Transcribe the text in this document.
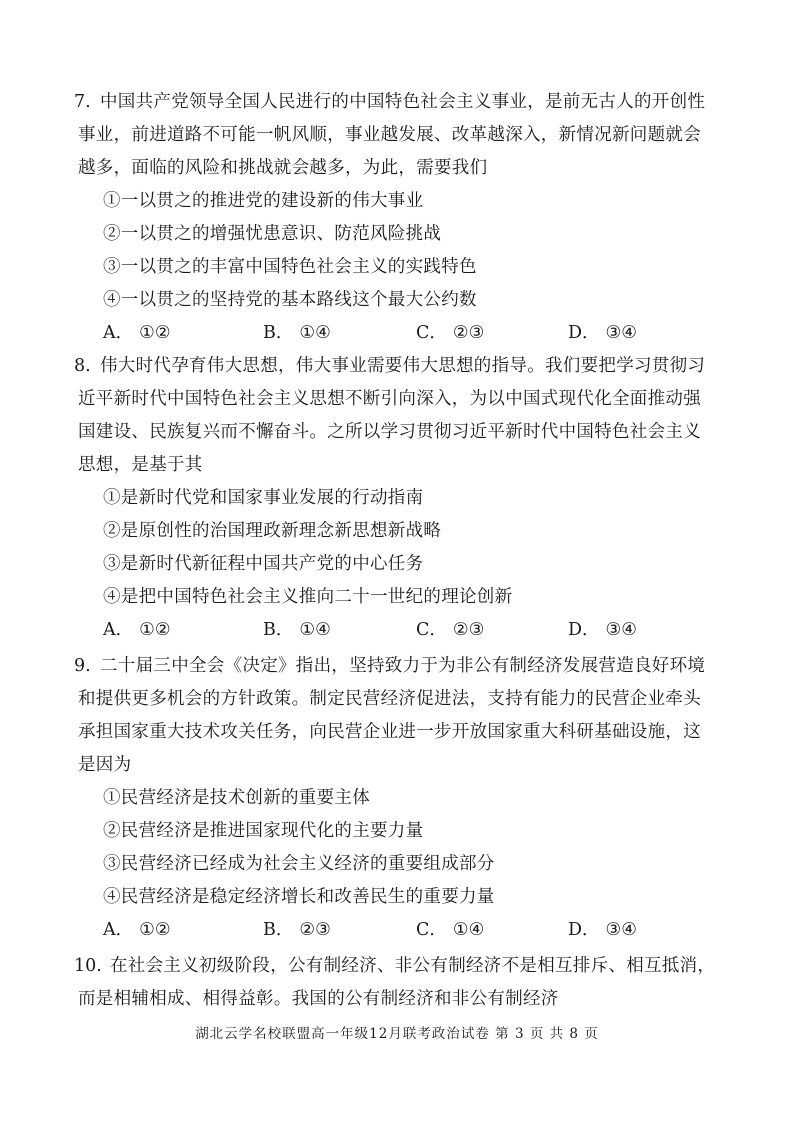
7. 中国共产党领导全国人民进行的中国特色社会主义事业，是前无古人的开创性事业，前进道路不可能一帆风顺，事业越发展、改革越深入，新情况新问题就会越多，面临的风险和挑战就会越多，为此，需要我们
①一以贯之的推进党的建设新的伟大事业
②一以贯之的增强忧患意识、防范风险挑战
③一以贯之的丰富中国特色社会主义的实践特色
④一以贯之的坚持党的基本路线这个最大公约数
A． ①②	B． ①④	C． ②③	D． ③④
8. 伟大时代孕育伟大思想，伟大事业需要伟大思想的指导。我们要把学习贯彻习近平新时代中国特色社会主义思想不断引向深入，为以中国式现代化全面推动强国建设、民族复兴而不懈奋斗。之所以学习贯彻习近平新时代中国特色社会主义思想，是基于其
①是新时代党和国家事业发展的行动指南
②是原创性的治国理政新理念新思想新战略
③是新时代新征程中国共产党的中心任务
④是把中国特色社会主义推向二十一世纪的理论创新
A． ①②	B． ①④	C． ②③	D． ③④
9. 二十届三中全会《决定》指出，坚持致力于为非公有制经济发展营造良好环境和提供更多机会的方针政策。制定民营经济促进法，支持有能力的民营企业牵头承担国家重大技术攻关任务，向民营企业进一步开放国家重大科研基础设施，这是因为
①民营经济是技术创新的重要主体
②民营经济是推进国家现代化的主要力量
③民营经济已经成为社会主义经济的重要组成部分
④民营经济是稳定经济增长和改善民生的重要力量
A． ①②	B． ②③	C． ①④	D． ③④
10. 在社会主义初级阶段，公有制经济、非公有制经济不是相互排斥、相互抵消，而是相辅相成、相得益彰。我国的公有制经济和非公有制经济
湖北云学名校联盟高一年级12月联考政治试卷 第 3 页 共 8 页
